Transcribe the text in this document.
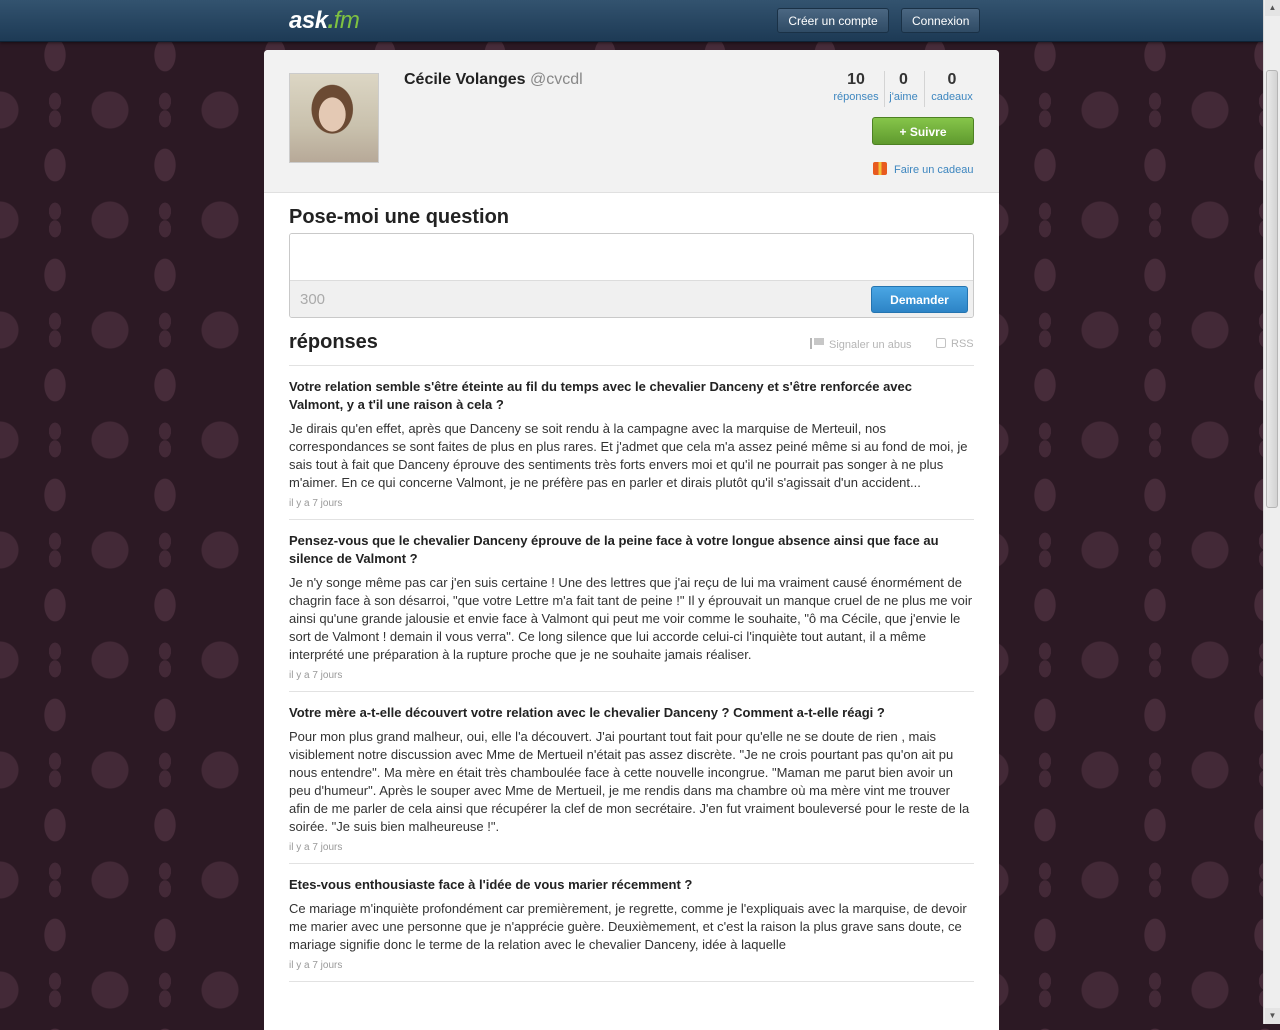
ask.fm	Créer un compte	Connexion
▲
▼
Cécile Volanges @cvcdl	10
réponses
0
j'aime
0
cadeaux
+ Suivre
Faire un cadeau
Pose-moi une question
300	Demander
réponses	Signaler un abus	RSS

Votre relation semble s'être éteinte au fil du temps avec le chevalier Danceny et s'être renforcée avec Valmont, y a t'il une raison à cela ?

Je dirais qu'en effet, après que Danceny se soit rendu à la campagne avec la marquise de Merteuil, nos correspondances se sont faites de plus en plus rares. Et j'admet que cela m'a assez peiné même si au fond de moi, je sais tout à fait que Danceny éprouve des sentiments très forts envers moi et qu'il ne pourrait pas songer à ne plus m'aimer. En ce qui concerne Valmont, je ne préfère pas en parler et dirais plutôt qu'il s'agissait d'un accident...

il y a 7 jours

Pensez-vous que le chevalier Danceny éprouve de la peine face à votre longue absence ainsi que face au silence de Valmont ?

Je n'y songe même pas car j'en suis certaine ! Une des lettres que j'ai reçu de lui ma vraiment causé énormément de chagrin face à son désarroi, "que votre Lettre m'a fait tant de peine !" Il y éprouvait un manque cruel de ne plus me voir ainsi qu'une grande jalousie et envie face à Valmont qui peut me voir comme le souhaite, "ô ma Cécile, que j'envie le sort de Valmont ! demain il vous verra". Ce long silence que lui accorde celui-ci l'inquiète tout autant, il a même interprété une préparation à la rupture proche que je ne souhaite jamais réaliser.

il y a 7 jours

Votre mère a-t-elle découvert votre relation avec le chevalier Danceny ? Comment a-t-elle réagi ?

Pour mon plus grand malheur, oui, elle l'a découvert. J'ai pourtant tout fait pour qu'elle ne se doute de rien , mais visiblement notre discussion avec Mme de Mertueil n'était pas assez discrète. "Je ne crois pourtant pas qu'on ait pu nous entendre". Ma mère en était très chamboulée face à cette nouvelle incongrue. "Maman me parut bien avoir un peu d'humeur". Après le souper avec Mme de Mertueil, je me rendis dans ma chambre où ma mère vint me trouver afin de me parler de cela ainsi que récupérer la clef de mon secrétaire. J'en fut vraiment bouleversé pour le reste de la soirée. "Je suis bien malheureuse !".

il y a 7 jours

Etes-vous enthousiaste face à l'idée de vous marier récemment ?

Ce mariage m'inquiète profondément car premièrement, je regrette, comme je l'expliquais avec la marquise, de devoir me marier avec une personne que je n'apprécie guère. Deuxièmement, et c'est la raison la plus grave sans doute, ce mariage signifie donc le terme de la relation avec le chevalier Danceny, idée à laquelle

il y a 7 jours
